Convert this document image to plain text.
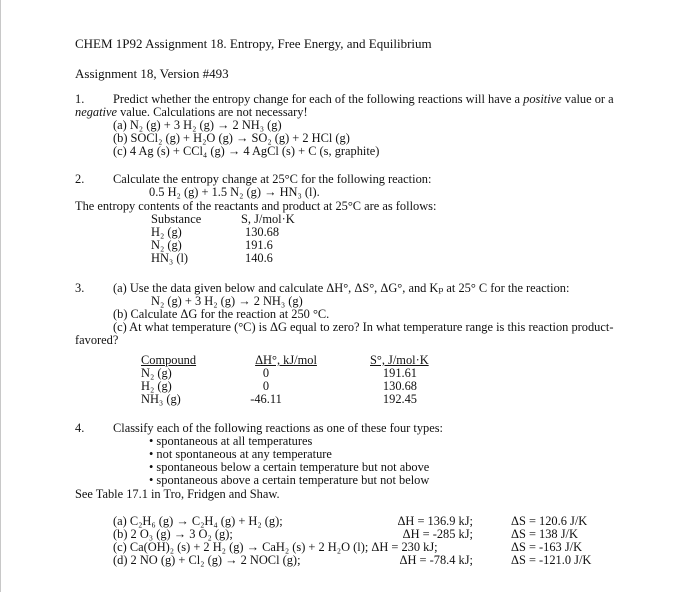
CHEM 1P92 Assignment 18. Entropy, Free Energy, and Equilibrium
Assignment 18, Version #493
1. Predict whether the entropy change for each of the following reactions will have a positive value or a
negative value. Calculations are not necessary!
(a) N₂ (g) + 3 H₂ (g) → 2 NH₃ (g)
(b) SOCl₂ (g) + H₂O (g) → SO₂ (g) + 2 HCl (g)
(c) 4 Ag (s) + CCl₄ (g) → 4 AgCl (s) + C (s, graphite)
2. Calculate the entropy change at 25°C for the following reaction:
0.5 H₂ (g) + 1.5 N₂ (g) → HN₃ (l).
The entropy contents of the reactants and product at 25°C are as follows:
Substance	S, J/mol·K
H₂ (g)	130.68
N₂ (g)	191.6
HN₃ (l)	140.6
3. (a) Use the data given below and calculate ΔH°, ΔS°, ΔG°, and Kₚ at 25° C for the reaction:
N₂ (g) + 3 H₂ (g) → 2 NH₃ (g)
(b) Calculate ΔG for the reaction at 250 °C.
(c) At what temperature (°C) is ΔG equal to zero? In what temperature range is this reaction product-
favored?
Compound	ΔH°, kJ/mol	S°, J/mol·K
N₂ (g)	0	191.61
H₂ (g)	0	130.68
NH₃ (g)	-46.11	192.45
4. Classify each of the following reactions as one of these four types:
• spontaneous at all temperatures
• not spontaneous at any temperature
• spontaneous below a certain temperature but not above
• spontaneous above a certain temperature but not below
See Table 17.1 in Tro, Fridgen and Shaw.
(a) C₂H₆ (g) → C₂H₄ (g) + H₂ (g);	ΔH = 136.9 kJ;	ΔS = 120.6 J/K
(b) 2 O₃ (g) → 3 O₂ (g);	ΔH = -285 kJ;	ΔS = 138 J/K
(c) Ca(OH)₂ (s) + 2 H₂ (g) → CaH₂ (s) + 2 H₂O (l); ΔH = 230 kJ;	ΔS = -163 J/K
(d) 2 NO (g) + Cl₂ (g) → 2 NOCl (g);	ΔH = -78.4 kJ;	ΔS = -121.0 J/K
